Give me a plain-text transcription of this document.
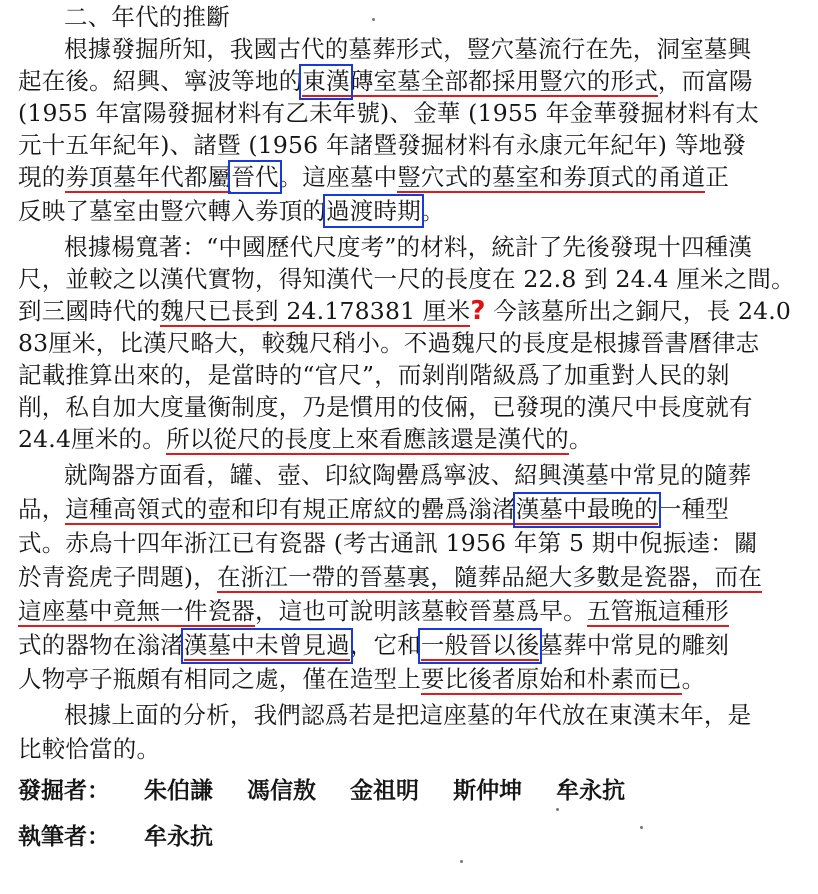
二、年代的推斷
根據發掘所知，我國古代的墓葬形式，豎穴墓流行在先，洞室墓興
起在後。紹興、寧波等地的東漢磚室墓全部都採用豎穴的形式，而富陽
(1955 年富陽發掘材料有乙未年號)、金華 (1955 年金華發掘材料有太
元十五年紀年)、諸暨 (1956 年諸暨發掘材料有永康元年紀年) 等地發
現的劵頂墓年代都屬晉代。這座墓中豎穴式的墓室和劵頂式的甬道正
反映了墓室由豎穴轉入劵頂的過渡時期。
根據楊寬著：“中國歷代尺度考”的材料，統計了先後發現十四種漢
尺，並較之以漢代實物，得知漢代一尺的長度在 22.8 到 24.4 厘米之間。
到三國時代的魏尺已長到 24.178381 厘米? 今該墓所出之銅尺，長 24.0
83厘米，比漢尺略大，較魏尺稍小。不過魏尺的長度是根據晉書曆律志
記載推算出來的，是當時的“官尺”，而剝削階級爲了加重對人民的剝
削，私自加大度量衡制度，乃是慣用的伎倆，已發現的漢尺中長度就有
24.4厘米的。所以從尺的長度上來看應該還是漢代的。
就陶器方面看，罐、壺、印紋陶罍爲寧波、紹興漢墓中常見的隨葬
品，這種高領式的壺和印有規正席紋的罍爲滃渚漢墓中最晚的一種型
式。赤烏十四年浙江已有瓷器 (考古通訊 1956 年第 5 期中倪振逵：關
於青瓷虎子問題)，在浙江一帶的晉墓裏，隨葬品絕大多數是瓷器，而在
這座墓中竟無一件瓷器，這也可說明該墓較晉墓爲早。五管瓶這種形
式的器物在滃渚漢墓中未曾見過，它和一般晉以後墓葬中常見的雕刻
人物亭子瓶頗有相同之處，僅在造型上要比後者原始和朴素而已。
根據上面的分析，我們認爲若是把這座墓的年代放在東漢末年，是
比較恰當的。
發掘者： 朱伯謙 馮信敖 金祖明 斯仲坤 牟永抗
執筆者： 牟永抗
